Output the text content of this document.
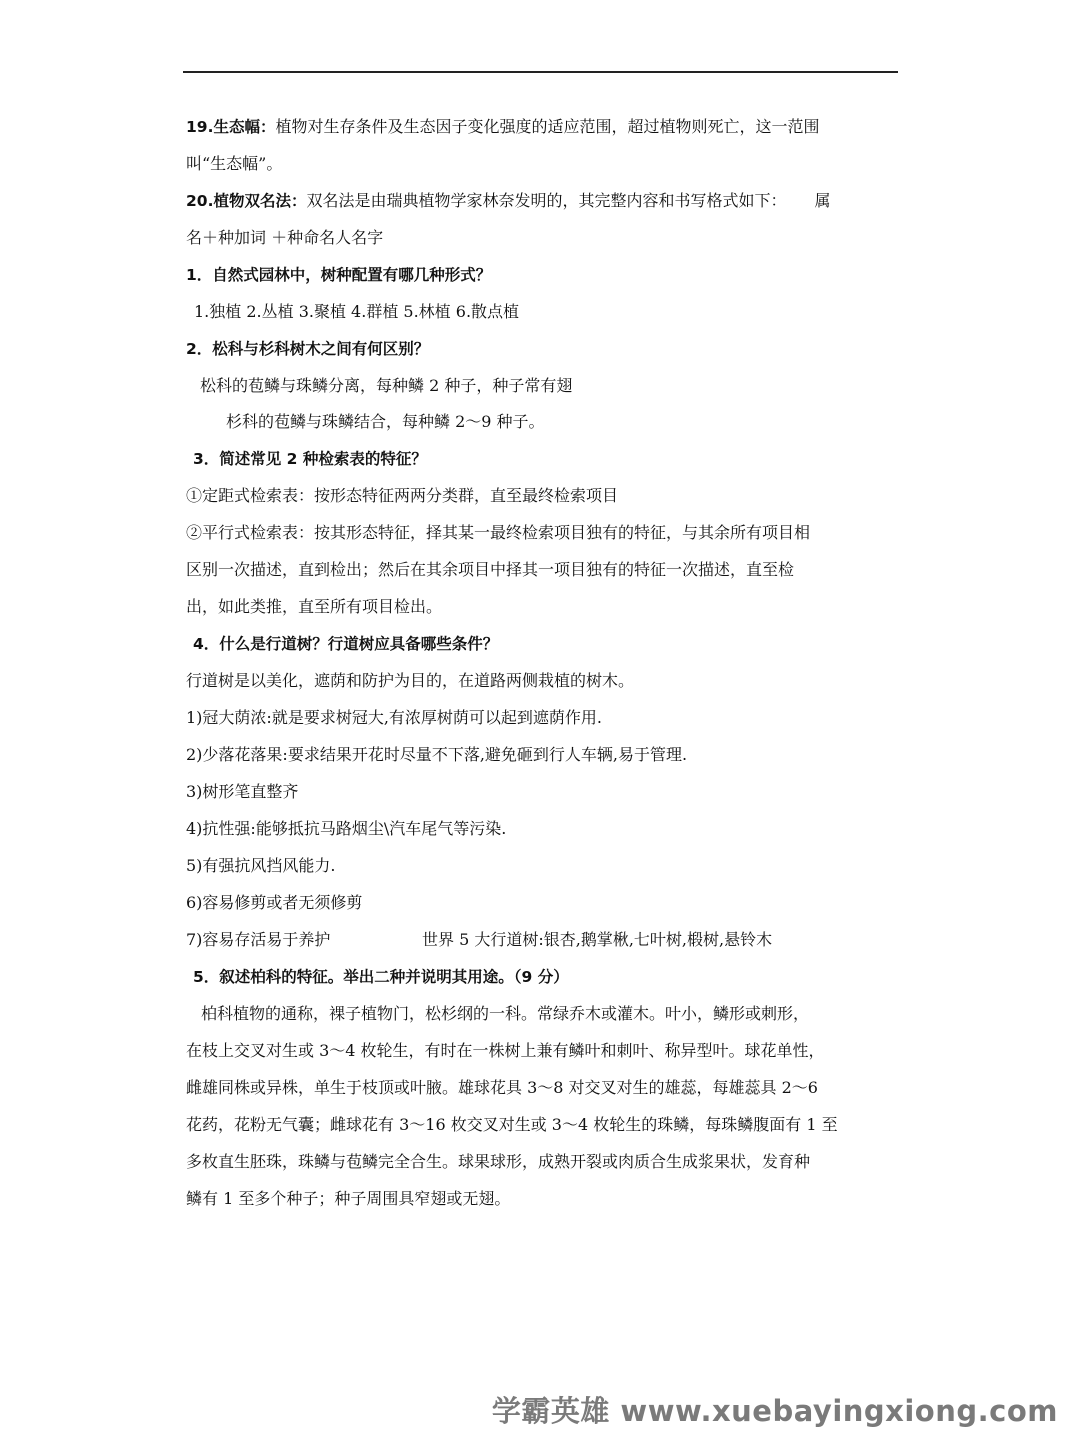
19.生态幅：植物对生存条件及生态因子变化强度的适应范围，超过植物则死亡，这一范围
叫“生态幅”。
20.植物双名法：双名法是由瑞典植物学家林奈发明的，其完整内容和书写格式如下： 属
名＋种加词 ＋种命名人名字
1．自然式园林中，树种配置有哪几种形式？
1.独植 2.丛植 3.聚植 4.群植 5.林植 6.散点植
2．松科与杉科树木之间有何区别？
松科的苞鳞与珠鳞分离，每种鳞 2 种子，种子常有翅
杉科的苞鳞与珠鳞结合，每种鳞 2～9 种子。
3．简述常见 2 种检索表的特征？
①定距式检索表：按形态特征两两分类群，直至最终检索项目
②平行式检索表：按其形态特征，择其某一最终检索项目独有的特征，与其余所有项目相
区别一次描述，直到检出；然后在其余项目中择其一项目独有的特征一次描述，直至检
出，如此类推，直至所有项目检出。
4．什么是行道树？行道树应具备哪些条件？
行道树是以美化，遮荫和防护为目的，在道路两侧栽植的树木。
1)冠大荫浓:就是要求树冠大,有浓厚树荫可以起到遮荫作用.
2)少落花落果:要求结果开花时尽量不下落,避免砸到行人车辆,易于管理.
3)树形笔直整齐
4)抗性强:能够抵抗马路烟尘\汽车尾气等污染.
5)有强抗风挡风能力.
6)容易修剪或者无须修剪
7)容易存活易于养护	世界 5 大行道树:银杏,鹅掌楸,七叶树,椴树,悬铃木
5．叙述柏科的特征。举出二种并说明其用途。（9 分）
柏科植物的通称，裸子植物门，松杉纲的一科。常绿乔木或灌木。叶小，鳞形或刺形，
在枝上交叉对生或 3～4 枚轮生，有时在一株树上兼有鳞叶和刺叶、称异型叶。球花单性，
雌雄同株或异株，单生于枝顶或叶腋。雄球花具 3～8 对交叉对生的雄蕊，每雄蕊具 2～6
花药，花粉无气囊；雌球花有 3～16 枚交叉对生或 3～4 枚轮生的珠鳞，每珠鳞腹面有 1 至
多枚直生胚珠，珠鳞与苞鳞完全合生。球果球形，成熟开裂或肉质合生成浆果状，发育种
鳞有 1 至多个种子；种子周围具窄翅或无翅。
学霸英雄 www.xuebayingxiong.com
